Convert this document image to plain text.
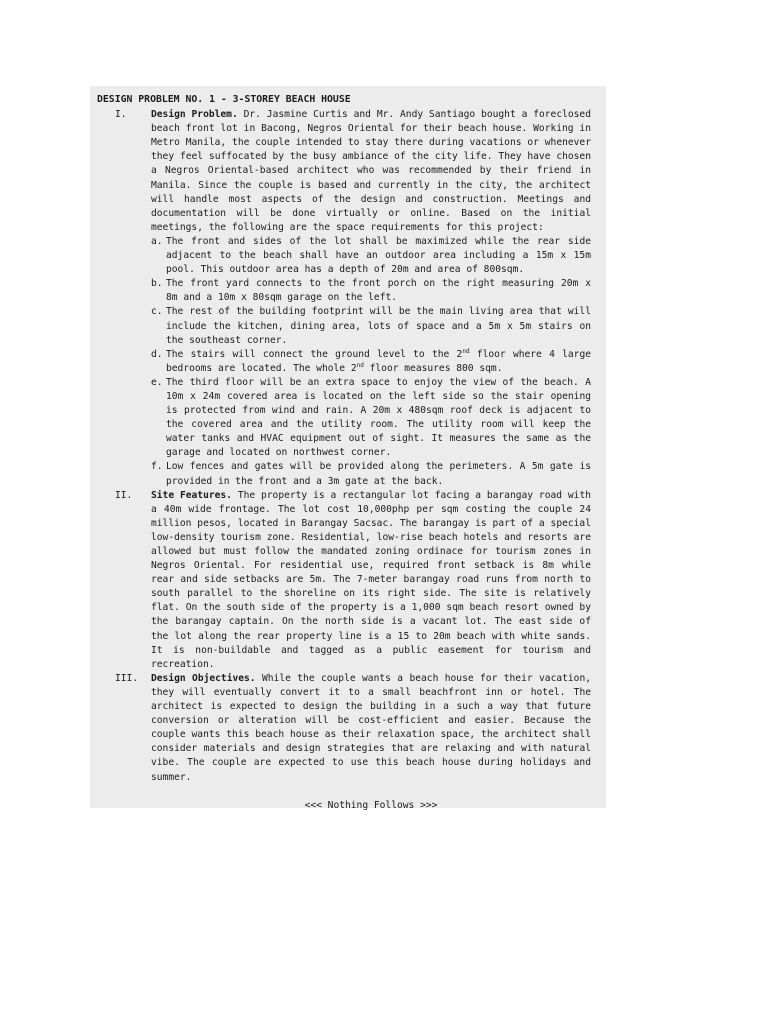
DESIGN PROBLEM NO. 1 - 3-STOREY BEACH HOUSE
I.	Design Problem. Dr. Jasmine Curtis and Mr. Andy Santiago bought a foreclosed beach front lot in Bacong, Negros Oriental for their beach house. Working in Metro Manila, the couple intended to stay there during vacations or whenever they feel suffocated by the busy ambiance of the city life. They have chosen a Negros Oriental-based architect who was recommended by their friend in Manila. Since the couple is based and currently in the city, the architect will handle most aspects of the design and construction. Meetings and documentation will be done virtually or online. Based on the initial meetings, the following are the space requirements for this project:
a. The front and sides of the lot shall be maximized while the rear side adjacent to the beach shall have an outdoor area including a 15m x 15m pool. This outdoor area has a depth of 20m and area of 800sqm.
b. The front yard connects to the front porch on the right measuring 20m x 8m and a 10m x 80sqm garage on the left.
c. The rest of the building footprint will be the main living area that will include the kitchen, dining area, lots of space and a 5m x 5m stairs on the southeast corner.
d. The stairs will connect the ground level to the 2nd floor where 4 large bedrooms are located. The whole 2nd floor measures 800 sqm.
e. The third floor will be an extra space to enjoy the view of the beach. A 10m x 24m covered area is located on the left side so the stair opening is protected from wind and rain. A 20m x 480sqm roof deck is adjacent to the covered area and the utility room. The utility room will keep the water tanks and HVAC equipment out of sight. It measures the same as the garage and located on northwest corner.
f. Low fences and gates will be provided along the perimeters. A 5m gate is provided in the front and a 3m gate at the back.
II.	Site Features. The property is a rectangular lot facing a barangay road with a 40m wide frontage. The lot cost 10,000php per sqm costing the couple 24 million pesos, located in Barangay Sacsac. The barangay is part of a special low-density tourism zone. Residential, low-rise beach hotels and resorts are allowed but must follow the mandated zoning ordinace for tourism zones in Negros Oriental. For residential use, required front setback is 8m while rear and side setbacks are 5m. The 7-meter barangay road runs from north to south parallel to the shoreline on its right side. The site is relatively flat. On the south side of the property is a 1,000 sqm beach resort owned by the barangay captain. On the north side is a vacant lot. The east side of the lot along the rear property line is a 15 to 20m beach with white sands. It is non-buildable and tagged as a public easement for tourism and recreation.
III.	Design Objectives. While the couple wants a beach house for their vacation, they will eventually convert it to a small beachfront inn or hotel. The architect is expected to design the building in a such a way that future conversion or alteration will be cost-efficient and easier. Because the couple wants this beach house as their relaxation space, the architect shall consider materials and design strategies that are relaxing and with natural vibe. The couple are expected to use this beach house during holidays and summer.
<<< Nothing Follows >>>
